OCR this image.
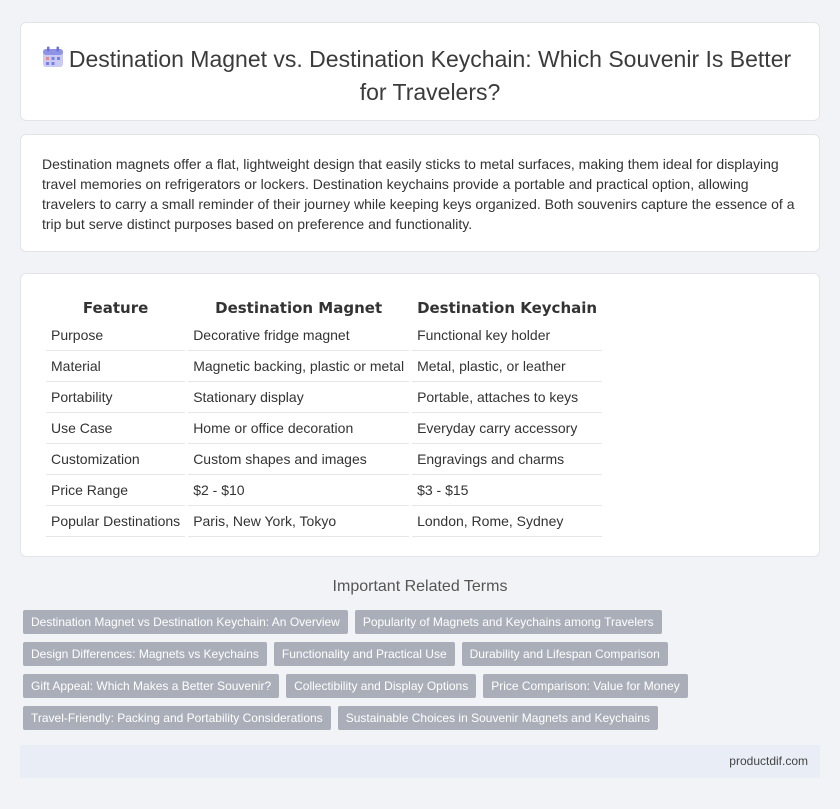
Destination Magnet vs. Destination Keychain: Which Souvenir Is Better for Travelers?

Destination magnets offer a flat, lightweight design that easily sticks to metal surfaces, making them ideal for displaying travel memories on refrigerators or lockers. Destination keychains provide a portable and practical option, allowing travelers to carry a small reminder of their journey while keeping keys organized. Both souvenirs capture the essence of a trip but serve distinct purposes based on preference and functionality.

Feature	Destination Magnet	Destination Keychain
Purpose	Decorative fridge magnet	Functional key holder
Material	Magnetic backing, plastic or metal	Metal, plastic, or leather
Portability	Stationary display	Portable, attaches to keys
Use Case	Home or office decoration	Everyday carry accessory
Customization	Custom shapes and images	Engravings and charms
Price Range	$2 - $10	$3 - $15
Popular Destinations	Paris, New York, Tokyo	London, Rome, Sydney
Important Related Terms
Destination Magnet vs Destination Keychain: An Overview	Popularity of Magnets and Keychains among Travelers
Design Differences: Magnets vs Keychains	Functionality and Practical Use	Durability and Lifespan Comparison
Gift Appeal: Which Makes a Better Souvenir?	Collectibility and Display Options	Price Comparison: Value for Money
Travel-Friendly: Packing and Portability Considerations	Sustainable Choices in Souvenir Magnets and Keychains
productdif.com
